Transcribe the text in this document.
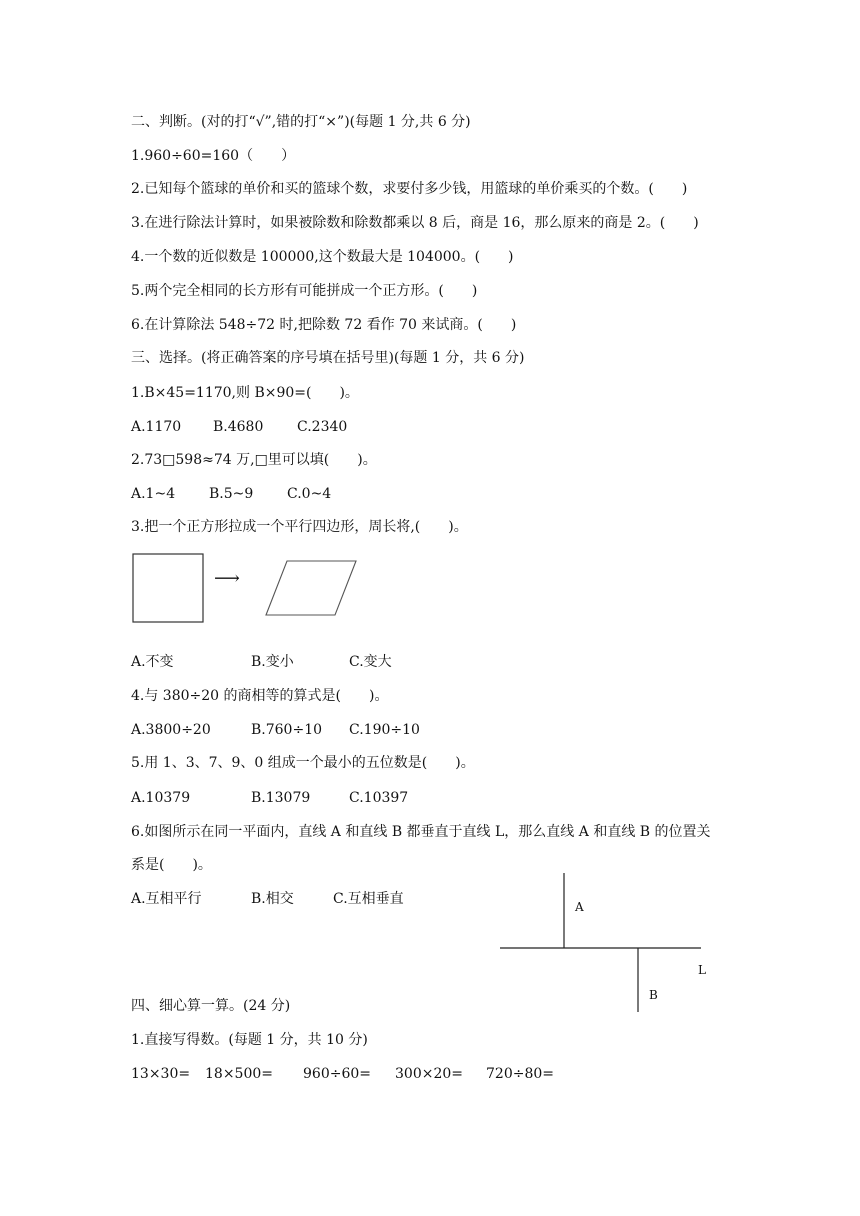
二、判断。(对的打“√”,错的打“×”)(每题 1 分,共 6 分)
1.960÷60=160（　　）
2.已知每个篮球的单价和买的篮球个数，求要付多少钱，用篮球的单价乘买的个数。(　　)
3.在进行除法计算时，如果被除数和除数都乘以 8 后，商是 16，那么原来的商是 2。(　　)
4.一个数的近似数是 100000,这个数最大是 104000。(　　)
5.两个完全相同的长方形有可能拼成一个正方形。(　　)
6.在计算除法 548÷72 时,把除数 72 看作 70 来试商。(　　)
三、选择。(将正确答案的序号填在括号里)(每题 1 分，共 6 分)
1.B×45=1170,则 B×90=(　　)。
A.1170 B.4680 C.2340
2.73□598≈74 万,□里可以填(　　)。
A.1~4 B.5~9 C.0~4
3.把一个正方形拉成一个平行四边形，周长将,(　　)。
⟶
A.不变	B.变小	C.变大
4.与 380÷20 的商相等的算式是(　　)。
A.3800÷20	B.760÷10 C.190÷10
5.用 1、3、7、9、0 组成一个最小的五位数是(　　)。
A.10379	B.13079	C.10397
6.如图所示在同一平面内，直线 A 和直线 B 都垂直于直线 L，那么直线 A 和直线 B 的位置关
系是(　　)。
A.互相平行	B.相交	C.互相垂直	A
L
B
四、细心算一算。(24 分)
1.直接写得数。(每题 1 分，共 10 分)
13×30= 18×500= 960÷60= 300×20= 720÷80=
